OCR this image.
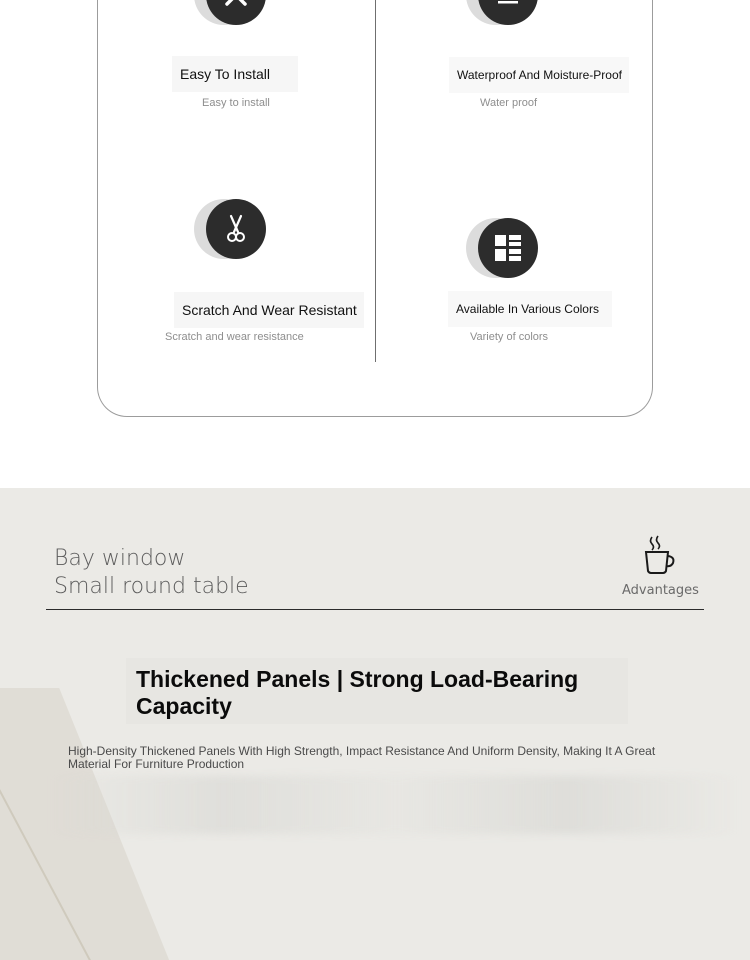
Easy To Install
Easy to install
Waterproof And Moisture-Proof
Water proof
Scratch And Wear Resistant
Scratch and wear resistance
Available In Various Colors
Variety of colors
Bay window
Small round table	Advantages
Thickened Panels | Strong Load-Bearing Capacity
High-Density Thickened Panels With High Strength, Impact Resistance And Uniform Density, Making It A Great Material For Furniture Production
